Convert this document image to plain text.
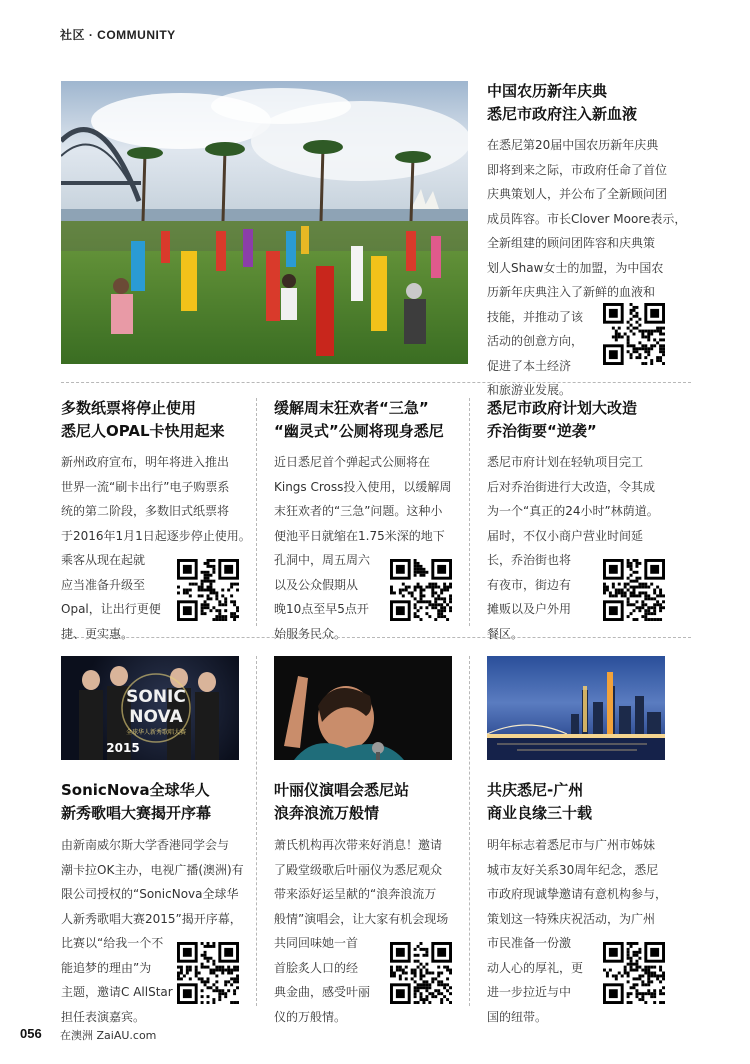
社区 · COMMUNITY
中国农历新年庆典
悉尼市政府注入新血液
在悉尼第20届中国农历新年庆典
即将到来之际，市政府任命了首位
庆典策划人，并公布了全新顾问团
成员阵容。市长Clover Moore表示，
全新组建的顾问团阵容和庆典策
划人Shaw女士的加盟，为中国农
历新年庆典注入了新鲜的血液和
技能，并推动了该
活动的创意方向，
促进了本土经济
和旅游业发展。
多数纸票将停止使用
悉尼人OPAL卡快用起来
新州政府宣布，明年将进入推出
世界一流“刷卡出行”电子购票系
统的第二阶段，多数旧式纸票将
于2016年1月1日起逐步停止使用。
乘客从现在起就
应当准备升级至
Opal，让出行更便
捷、更实惠。
缓解周末狂欢者“三急”
“幽灵式”公厕将现身悉尼
近日悉尼首个弹起式公厕将在
Kings Cross投入使用，以缓解周
末狂欢者的“三急”问题。这种小
便池平日就缩在1.75米深的地下
孔洞中，周五周六
以及公众假期从
晚10点至早5点开
始服务民众。
悉尼市政府计划大改造
乔治街要“逆袭”
悉尼市府计划在轻轨项目完工
后对乔治街进行大改造，令其成
为一个“真正的24小时”林荫道。
届时，不仅小商户营业时间延
长，乔治街也将
有夜市，街边有
摊贩以及户外用
餐区。
SONIC
NOVA
全球华人新秀歌唱大赛
2015
SonicNova全球华人
新秀歌唱大赛揭开序幕
由新南威尔斯大学香港同学会与
潮卡拉OK主办，电视广播(澳洲)有
限公司授权的“SonicNova全球华
人新秀歌唱大赛2015”揭开序幕，
比赛以“给我一个不
能追梦的理由”为
主题，邀请C AllStar
担任表演嘉宾。
叶丽仪演唱会悉尼站
浪奔浪流万般情
萧氏机构再次带来好消息！邀请
了殿堂级歌后叶丽仪为悉尼观众
带来添好运呈献的“浪奔浪流万
般情”演唱会，让大家有机会现场
共同回味她一首
首脍炙人口的经
典金曲，感受叶丽
仪的万般情。
共庆悉尼-广州
商业良缘三十载
明年标志着悉尼市与广州市姊妹
城市友好关系30周年纪念，悉尼
市政府现诚挚邀请有意机构参与，
策划这一特殊庆祝活动，为广州
市民准备一份激
动人心的厚礼，更
进一步拉近与中
国的纽带。
056 在澳洲 ZaiAU.com
